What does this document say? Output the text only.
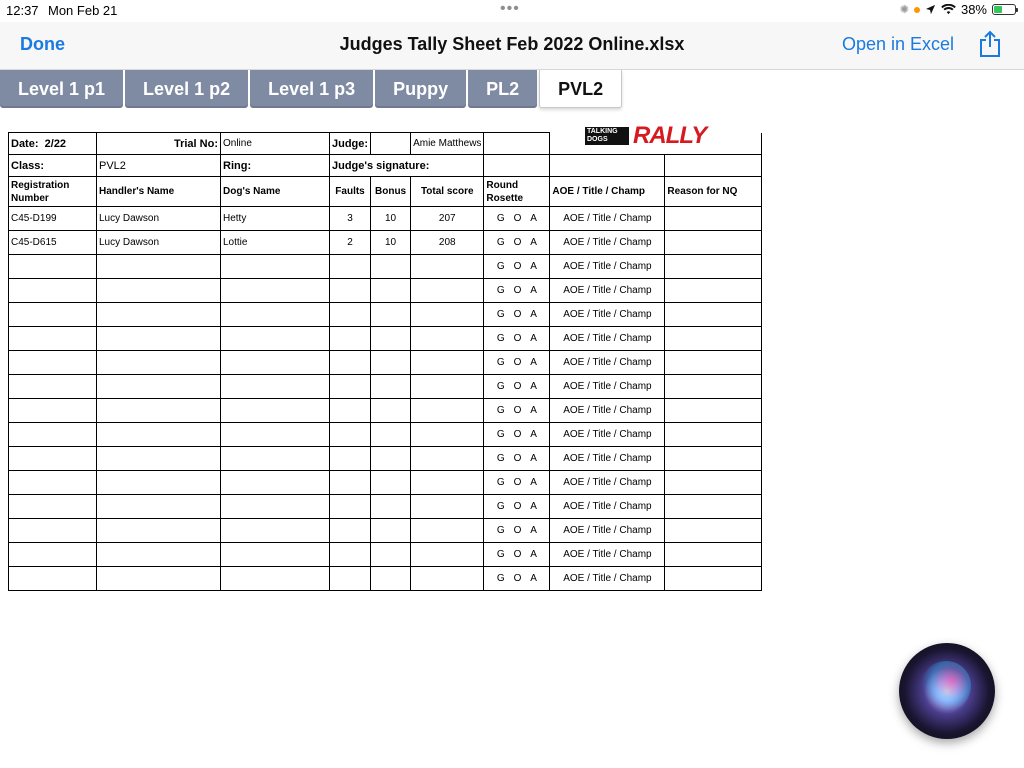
12:37 Mon Feb 21	•••	✺	38%
Done	Judges Tally Sheet Feb 2022 Online.xlsx	Open in Excel
Level 1 p1	Level 1 p2	Level 1 p3	Puppy	PL2	PVL2
TALKING DOGS	RALLY
Date: 2/22	Trial No:	Online	Judge:		Amie Matthews			
Class:	PVL2	Ring:	Judge's signature:					
Registration Number	Handler's Name	Dog's Name	Faults	Bonus	Total score	Round Rosette	AOE / Title / Champ	Reason for NQ
C45-D199	Lucy Dawson	Hetty	3	10	207	G O A	AOE / Title / Champ	
C45-D615	Lucy Dawson	Lottie	2	10	208	G O A	AOE / Title / Champ	

						G O A	AOE / Title / Champ	

						G O A	AOE / Title / Champ	

						G O A	AOE / Title / Champ	

						G O A	AOE / Title / Champ	

						G O A	AOE / Title / Champ	

						G O A	AOE / Title / Champ	

						G O A	AOE / Title / Champ	

						G O A	AOE / Title / Champ	

						G O A	AOE / Title / Champ	

						G O A	AOE / Title / Champ	

						G O A	AOE / Title / Champ	

						G O A	AOE / Title / Champ	

						G O A	AOE / Title / Champ	

						G O A	AOE / Title / Champ	
